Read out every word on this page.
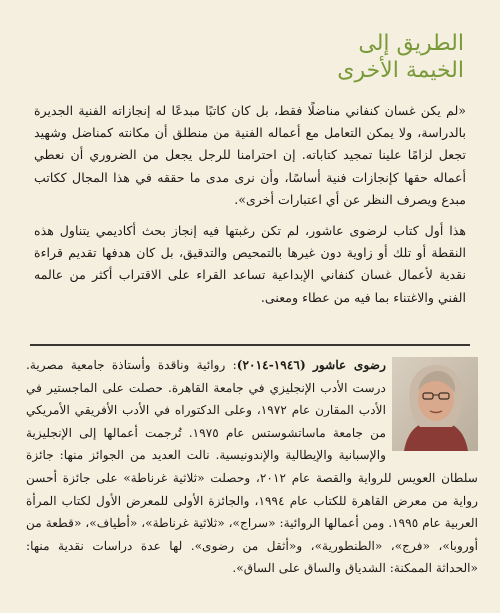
الطريق إلى
الخيمة الأخرى

«لم يكن غسان كنفاني مناضلًا فقط، بل كان كاتبًا مبدعًا له إنجازاته الفنية الجديرة بالدراسة، ولا يمكن التعامل مع أعماله الفنية من منطلق أن مكانته كمناضل وشهيد تجعل لزامًا علينا تمجيد كتاباته. إن احترامنا للرجل يجعل من الضروري أن نعطي أعماله حقها كإنجازات فنية أساسًا، وأن نرى مدى ما حققه في هذا المجال ككاتب مبدع ويصرف النظر عن أي اعتبارات أخرى».

هذا أول كتاب لرضوى عاشور، لم تكن رغبتها فيه إنجاز بحث أكاديمي يتناول هذه النقطة أو تلك أو زاوية دون غيرها بالتمحيص والتدقيق، بل كان هدفها تقديم قراءة نقدية لأعمال غسان كنفاني الإبداعية تساعد القراء على الاقتراب أكثر من عالمه الفني والاغتناء بما فيه من عطاء ومعنى.

رضوى عاشور (١٩٤٦-٢٠١٤): روائية وناقدة وأستاذة جامعية مصرية. درست الأدب الإنجليزي في جامعة القاهرة. حصلت على الماجستير في الأدب المقارن عام ١٩٧٢، وعلى الدكتوراه في الأدب الأفريقي الأمريكي من جامعة ماساتشوستس عام ١٩٧٥. تُرجمت أعمالها إلى الإنجليزية والإسبانية والإيطالية والإندونيسية. نالت العديد من الجوائز منها: جائزة سلطان العويس للرواية والقصة عام ٢٠١٢، وحصلت «ثلاثية غرناطة» على جائزة أحسن رواية من معرض القاهرة للكتاب عام ١٩٩٤، والجائزة الأولى للمعرض الأول لكتاب المرأة العربية عام ١٩٩٥. ومن أعمالها الروائية: «سراج»، «ثلاثية غرناطة»، «أطياف»، «قطعة من أوروبا»، «فرج»، «الطنطورية»، و«أثقل من رضوى». لها عدة دراسات نقدية منها: «الحداثة الممكنة: الشدياق والساق على الساق».
